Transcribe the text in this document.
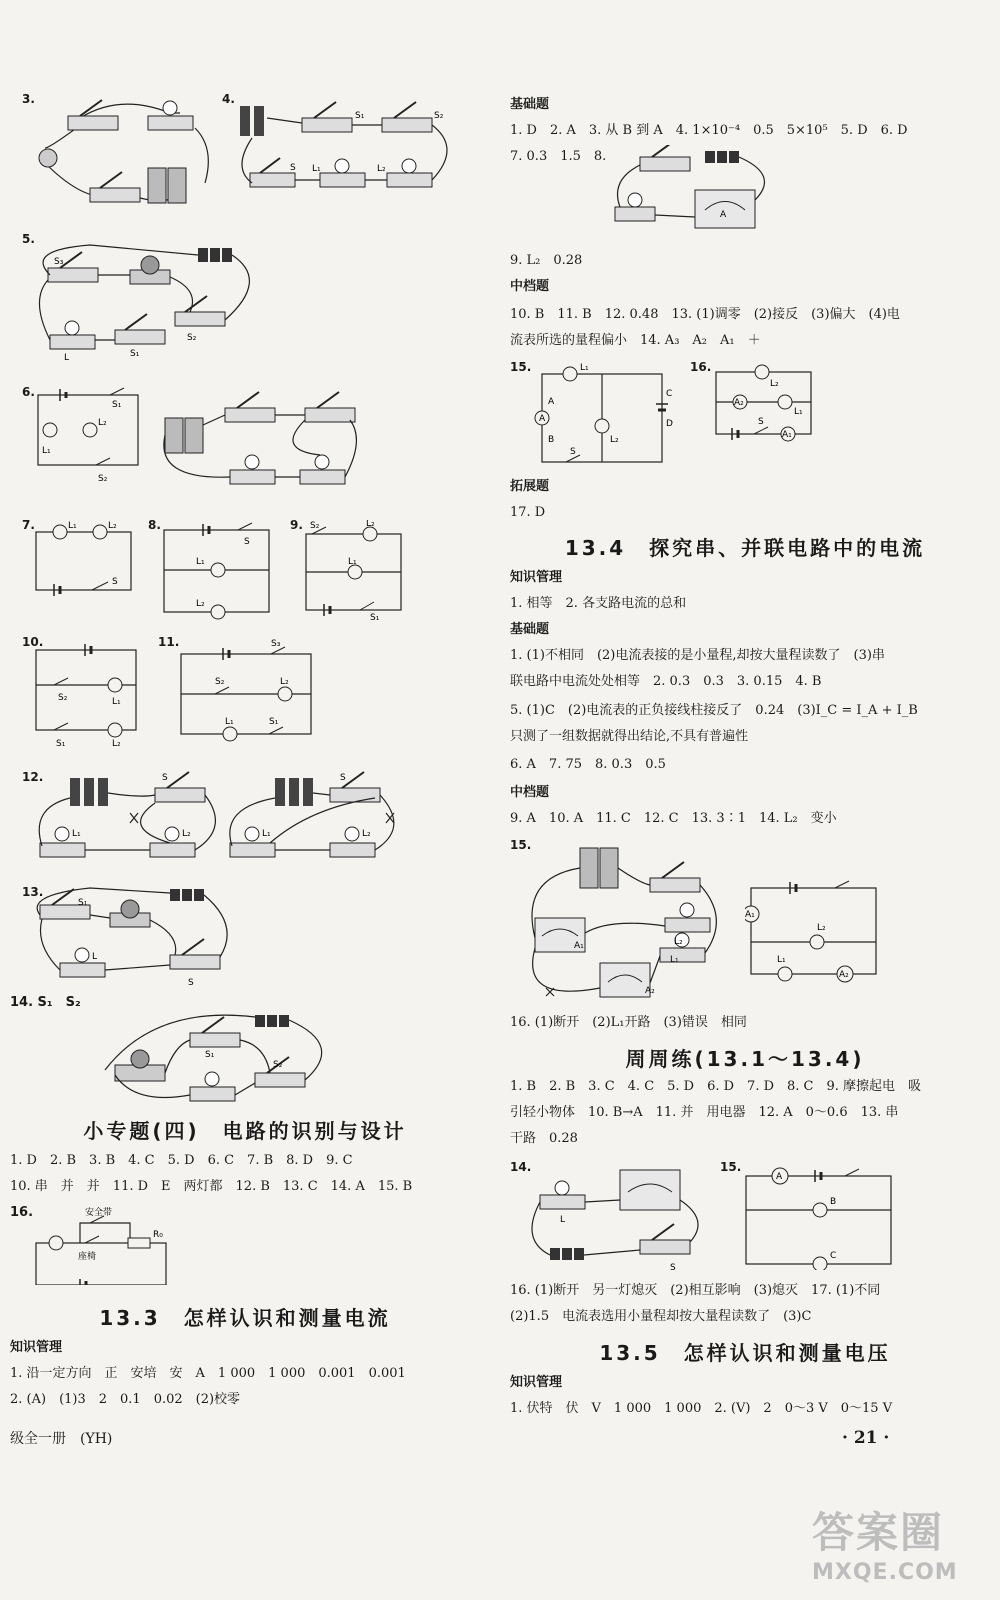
3.	4.
S₁	S₂
S L₁	L₂
5.
S₃
L	S₁
S₂
6.
S₁
L₁
L₂
S₂
7.	L₁	L₂
S
8.
S
L₁
L₂
9. S₂	L₂
L₁
S₁
10.
S₂	L₁
S₁	L₂
11.	S₃
S₂	L₂
L₁	S₁
12.	S
L₁	L₂
S
L₁	L₂
13.
S₁
L
S
14. S₁　S₂
S₁
S₂
小专题(四)　电路的识别与设计
1. D　2. B　3. B　4. C　5. D　6. C　7. B　8. D　9. C
10. 串　并　并　11. D　E　两灯都　12. B　13. C　14. A　15. B
16.	安全带
座椅
R₀
13.3　怎样认识和测量电流
知识管理
1. 沿一定方向　正　安培　安　A　1 000　1 000　0.001　0.001
2. (A)　(1)3　2　0.1　0.02　(2)校零
基础题
1. D　2. A　3. 从 B 到 A　4. 1×10⁻⁴　0.5　5×10⁵　5. D　6. D
7. 0.3　1.5　8.
A
9. L₂　0.28
中档题
10. B　11. B　12. 0.48　13. (1)调零　(2)接反　(3)偏大　(4)电
流表所选的量程偏小　14. A₃　A₂　A₁　＋
15.	L₁
L₂
A
A
B
C
D
S
16.
L₂
A₂
L₁
S
A₁
拓展题
17. D
13.4　探究串、并联电路中的电流
知识管理
1. 相等　2. 各支路电流的总和
基础题
1. (1)不相同　(2)电流表接的是小量程,却按大量程读数了　(3)串
联电路中电流处处相等　2. 0.3　0.3　3. 0.15　4. B
5. (1)C　(2)电流表的正负接线柱接反了　0.24　(3)I_C = I_A + I_B
只测了一组数据就得出结论,不具有普遍性
6. A　7. 75　8. 0.3　0.5
中档题
9. A　10. A　11. C　12. C　13. 3∶1　14. L₂　变小
15.
A₁
L₁
A₂
L₂
A₁
L₂
L₁
A₂
16. (1)断开　(2)L₁开路　(3)错误　相同
周周练(13.1～13.4)
1. B　2. B　3. C　4. C　5. D　6. D　7. D　8. C　9. 摩擦起电　吸
引轻小物体　10. B→A　11. 并　用电器　12. A　0～0.6　13. 串
干路　0.28
14.
L
S
15.
A
B
C
16. (1)断开　另一灯熄灭　(2)相互影响　(3)熄灭　17. (1)不同
(2)1.5　电流表选用小量程却按大量程读数了　(3)C
13.5　怎样认识和测量电压
知识管理
1. 伏特　伏　V　1 000　1 000　2. (V)　2　0～3 V　0～15 V
级全一册　(YH)	· 21 ·
答案圈
MXQE.COM
